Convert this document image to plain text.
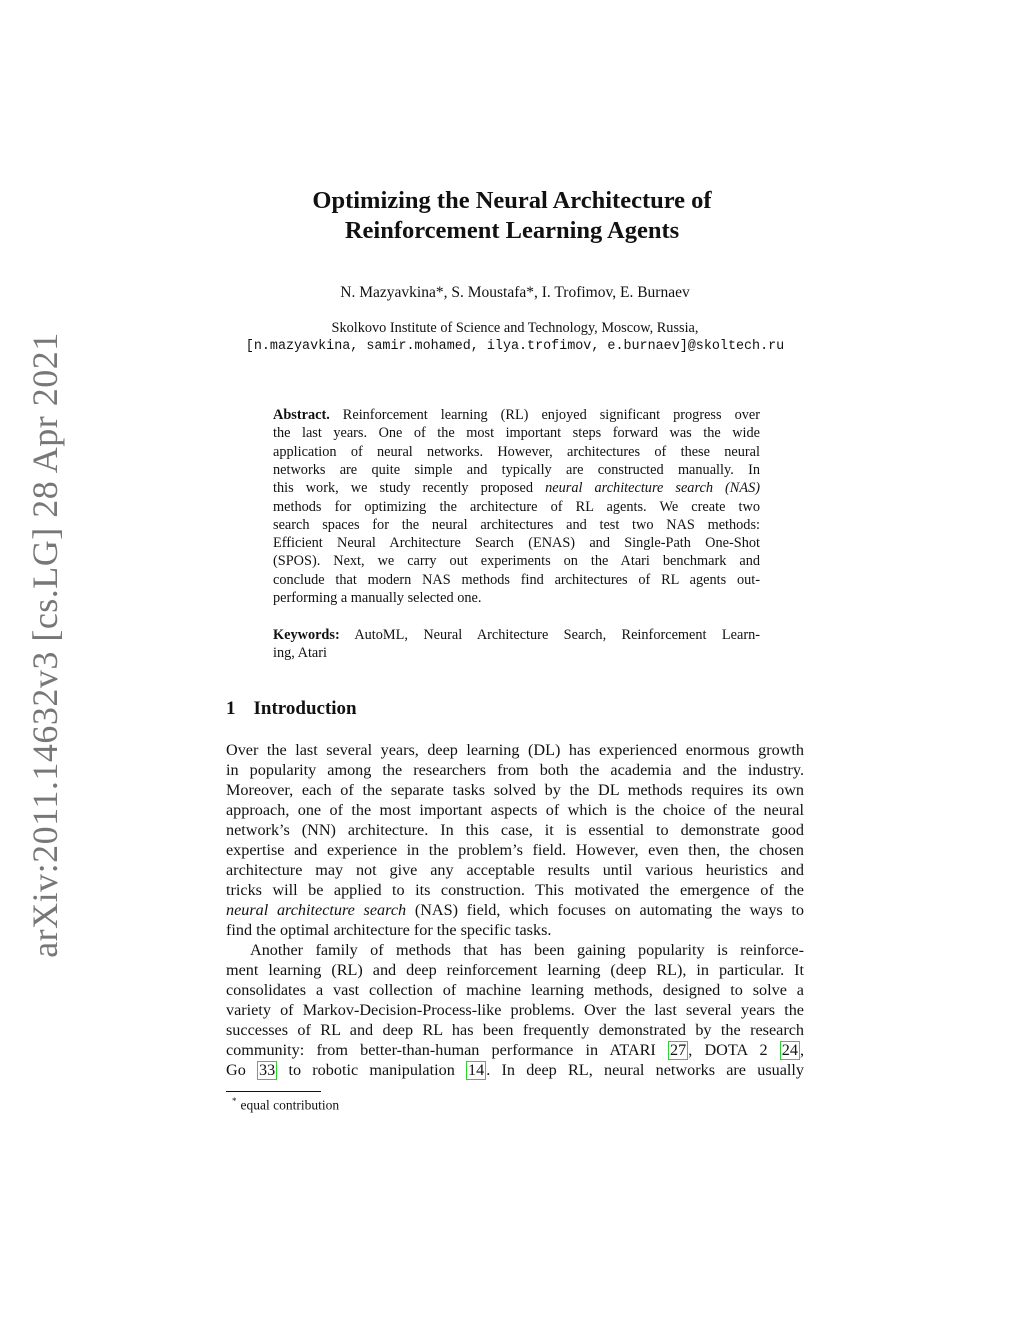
arXiv:2011.14632v3 [cs.LG] 28 Apr 2021
Optimizing the Neural Architecture of
Reinforcement Learning Agents
N. Mazyavkina*, S. Moustafa*, I. Trofimov, E. Burnaev
Skolkovo Institute of Science and Technology, Moscow, Russia,
[n.mazyavkina, samir.mohamed, ilya.trofimov, e.burnaev]@skoltech.ru
Abstract. Reinforcement learning (RL) enjoyed significant progress over
the last years. One of the most important steps forward was the wide
application of neural networks. However, architectures of these neural
networks are quite simple and typically are constructed manually. In
this work, we study recently proposed neural architecture search (NAS)
methods for optimizing the architecture of RL agents. We create two
search spaces for the neural architectures and test two NAS methods:
Efficient Neural Architecture Search (ENAS) and Single-Path One-Shot
(SPOS). Next, we carry out experiments on the Atari benchmark and
conclude that modern NAS methods find architectures of RL agents out-
performing a manually selected one.
Keywords: AutoML, Neural Architecture Search, Reinforcement Learn-
ing, Atari
1 Introduction
Over the last several years, deep learning (DL) has experienced enormous growth
in popularity among the researchers from both the academia and the industry.
Moreover, each of the separate tasks solved by the DL methods requires its own
approach, one of the most important aspects of which is the choice of the neural
network’s (NN) architecture. In this case, it is essential to demonstrate good
expertise and experience in the problem’s field. However, even then, the chosen
architecture may not give any acceptable results until various heuristics and
tricks will be applied to its construction. This motivated the emergence of the
neural architecture search (NAS) field, which focuses on automating the ways to
find the optimal architecture for the specific tasks.
Another family of methods that has been gaining popularity is reinforce-
ment learning (RL) and deep reinforcement learning (deep RL), in particular. It
consolidates a vast collection of machine learning methods, designed to solve a
variety of Markov-Decision-Process-like problems. Over the last several years the
successes of RL and deep RL has been frequently demonstrated by the research
community: from better-than-human performance in ATARI 27 , DOTA 2 24 ,
Go 33 to robotic manipulation 14 . In deep RL, neural networks are usually
* equal contribution
